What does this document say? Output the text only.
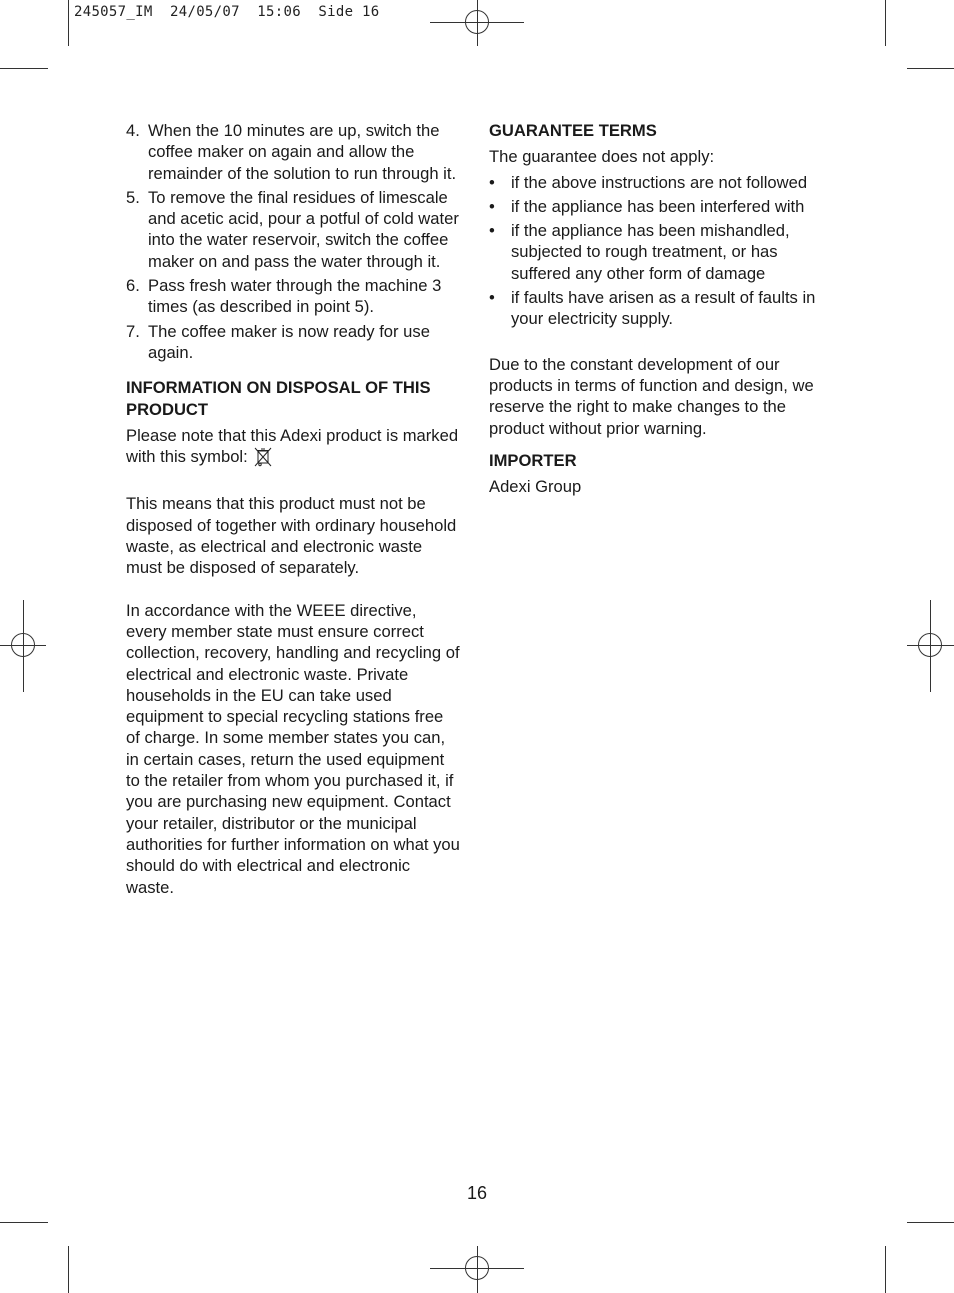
245057_IM  24/05/07  15:06  Side 16
4. When the 10 minutes are up, switch the coffee maker on again and allow the remainder of the solution to run through it.
5. To remove the final residues of limescale and acetic acid, pour a potful of cold water into the water reservoir, switch the coffee maker on and pass the water through it.
6. Pass fresh water through the machine 3 times (as described in point 5).
7. The coffee maker is now ready for use again.
INFORMATION ON DISPOSAL OF THIS PRODUCT

Please note that this Adexi product is marked with this symbol:

This means that this product must not be disposed of together with ordinary household waste, as electrical and electronic waste must be disposed of separately.

In accordance with the WEEE directive, every member state must ensure correct collection, recovery, handling and recycling of electrical and electronic waste. Private households in the EU can take used equipment to special recycling stations free of charge. In some member states you can, in certain cases, return the used equipment to the retailer from whom you purchased it, if you are purchasing new equipment. Contact your retailer, distributor or the municipal authorities for further information on what you should do with electrical and electronic waste.

GUARANTEE TERMS

The guarantee does not apply:

• if the above instructions are not followed
• if the appliance has been interfered with
• if the appliance has been mishandled, subjected to rough treatment, or has suffered any other form of damage
• if faults have arisen as a result of faults in your electricity supply.

Due to the constant development of our products in terms of function and design, we reserve the right to make changes to the product without prior warning.

IMPORTER

Adexi Group

16
